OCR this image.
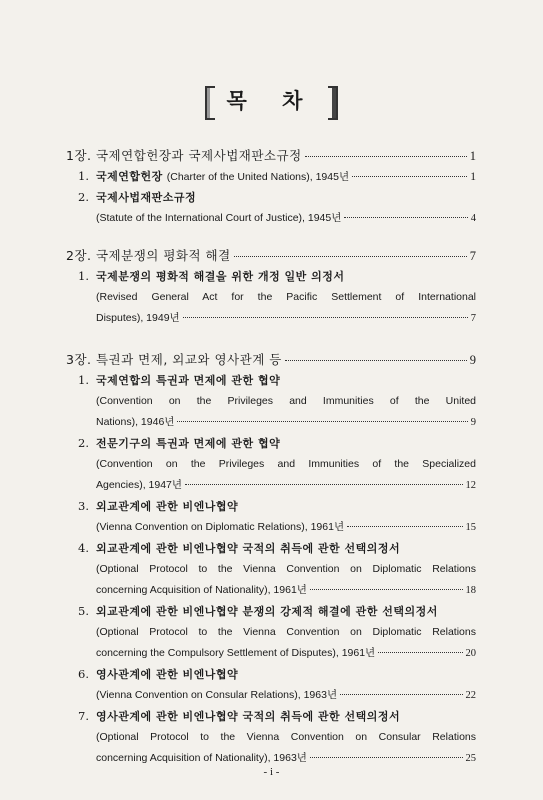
목 차
1장. 국제연합헌장과 국제사법재판소규정	1
1. 국제연합헌장 (Charter of the United Nations), 1945년	1
2. 국제사법재판소규정
(Statute of the International Court of Justice), 1945년	4
2장. 국제분쟁의 평화적 해결	7
1. 국제분쟁의 평화적 해결을 위한 개정 일반 의정서
(Revised General Act for the Pacific Settlement of International
Disputes), 1949년	7
3장. 특권과 면제, 외교와 영사관계 등	9
1. 국제연합의 특권과 면제에 관한 협약
(Convention on the Privileges and Immunities of the United
Nations), 1946년	9
2. 전문기구의 특권과 면제에 관한 협약
(Convention on the Privileges and Immunities of the Specialized
Agencies), 1947년	12
3. 외교관계에 관한 비엔나협약
(Vienna Convention on Diplomatic Relations), 1961년	15
4. 외교관계에 관한 비엔나협약 국적의 취득에 관한 선택의정서
(Optional Protocol to the Vienna Convention on Diplomatic Relations
concerning Acquisition of Nationality), 1961년	18
5. 외교관계에 관한 비엔나협약 분쟁의 강제적 해결에 관한 선택의정서
(Optional Protocol to the Vienna Convention on Diplomatic Relations
concerning the Compulsory Settlement of Disputes), 1961년	20
6. 영사관계에 관한 비엔나협약
(Vienna Convention on Consular Relations), 1963년	22
7. 영사관계에 관한 비엔나협약 국적의 취득에 관한 선택의정서
(Optional Protocol to the Vienna Convention on Consular Relations
concerning Acquisition of Nationality), 1963년	25
- i -
